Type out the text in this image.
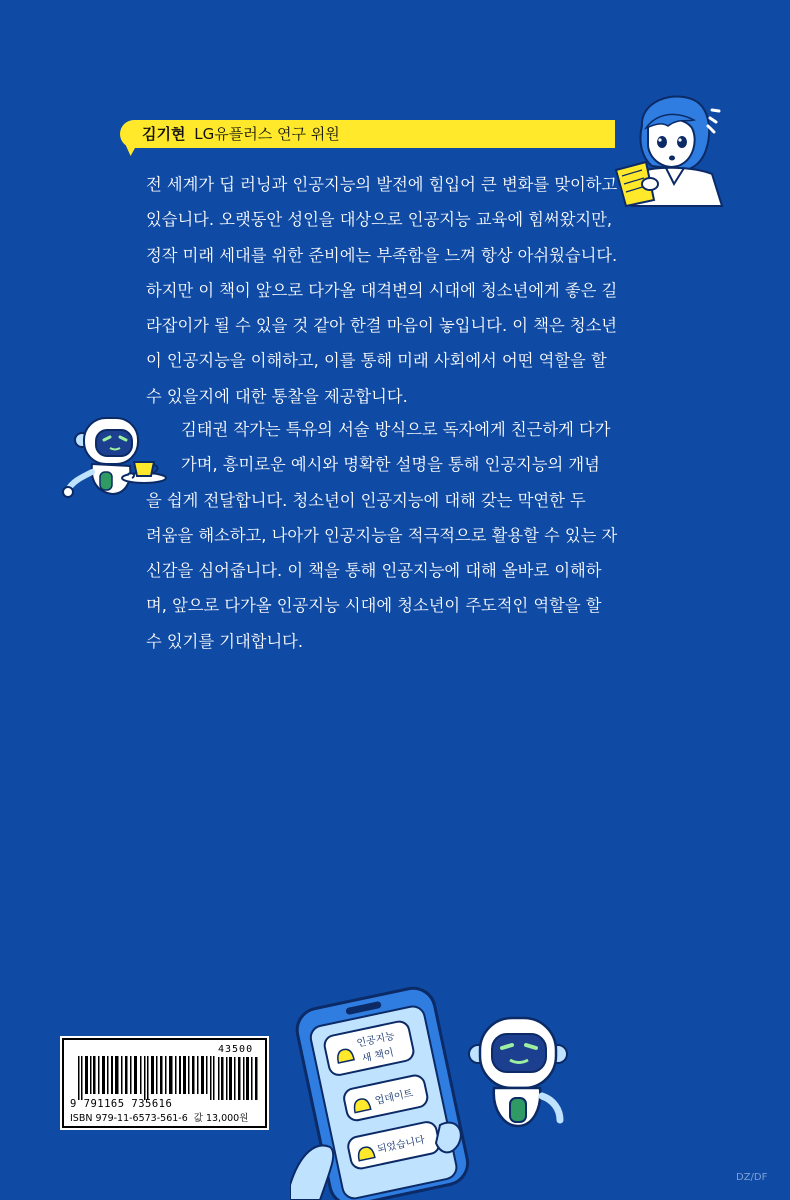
김기현 LG유플러스 연구 위원
전 세계가 딥 러닝과 인공지능의 발전에 힘입어 큰 변화를 맞이하고
있습니다. 오랫동안 성인을 대상으로 인공지능 교육에 힘써왔지만,
정작 미래 세대를 위한 준비에는 부족함을 느껴 항상 아쉬웠습니다.
하지만 이 책이 앞으로 다가올 대격변의 시대에 청소년에게 좋은 길
라잡이가 될 수 있을 것 같아 한결 마음이 놓입니다. 이 책은 청소년
이 인공지능을 이해하고, 이를 통해 미래 사회에서 어떤 역할을 할
수 있을지에 대한 통찰을 제공합니다.
김태권 작가는 특유의 서술 방식으로 독자에게 친근하게 다가
가며, 흥미로운 예시와 명확한 설명을 통해 인공지능의 개념
을 쉽게 전달합니다. 청소년이 인공지능에 대해 갖는 막연한 두
려움을 해소하고, 나아가 인공지능을 적극적으로 활용할 수 있는 자
신감을 심어줍니다. 이 책을 통해 인공지능에 대해 올바로 이해하
며, 앞으로 다가올 인공지능 시대에 청소년이 주도적인 역할을 할
수 있기를 기대합니다.
인공지능
새 책이
업데이트
되었습니다
43500
9 791165 735616
ISBN 979-11-6573-561-6 값 13,000원
DZ/DF
